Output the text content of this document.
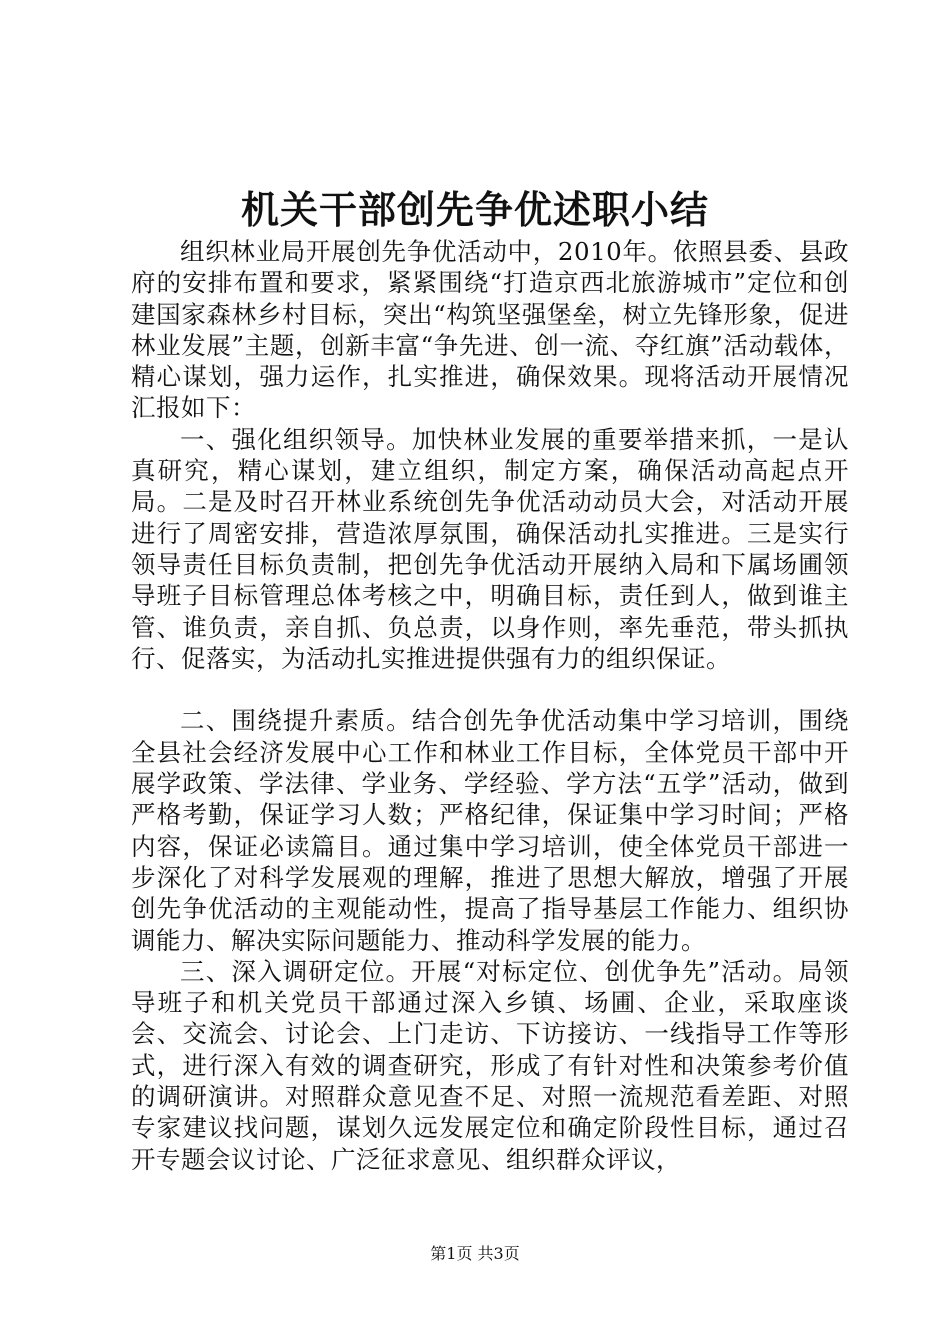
机关干部创先争优述职小结

组织林业局开展创先争优活动中，2010年。依照县委、县政府的安排布置和要求，紧紧围绕“打造京西北旅游城市”定位和创建国家森林乡村目标，突出“构筑坚强堡垒，树立先锋形象，促进林业发展”主题，创新丰富“争先进、创一流、夺红旗”活动载体，精心谋划，强力运作，扎实推进，确保效果。现将活动开展情况汇报如下：

一、强化组织领导。加快林业发展的重要举措来抓，一是认真研究，精心谋划，建立组织，制定方案，确保活动高起点开局。二是及时召开林业系统创先争优活动动员大会，对活动开展进行了周密安排，营造浓厚氛围，确保活动扎实推进。三是实行领导责任目标负责制，把创先争优活动开展纳入局和下属场圃领导班子目标管理总体考核之中，明确目标，责任到人，做到谁主管、谁负责，亲自抓、负总责，以身作则，率先垂范，带头抓执行、促落实，为活动扎实推进提供强有力的组织保证。

二、围绕提升素质。结合创先争优活动集中学习培训，围绕全县社会经济发展中心工作和林业工作目标，全体党员干部中开展学政策、学法律、学业务、学经验、学方法“五学”活动，做到严格考勤，保证学习人数；严格纪律，保证集中学习时间；严格内容，保证必读篇目。通过集中学习培训，使全体党员干部进一步深化了对科学发展观的理解，推进了思想大解放，增强了开展创先争优活动的主观能动性，提高了指导基层工作能力、组织协调能力、解决实际问题能力、推动科学发展的能力。

三、深入调研定位。开展“对标定位、创优争先”活动。局领导班子和机关党员干部通过深入乡镇、场圃、企业，采取座谈会、交流会、讨论会、上门走访、下访接访、一线指导工作等形式，进行深入有效的调查研究，形成了有针对性和决策参考价值的调研演讲。对照群众意见查不足、对照一流规范看差距、对照专家建议找问题，谋划久远发展定位和确定阶段性目标，通过召开专题会议讨论、广泛征求意见、组织群众评议，

第1页 共3页
